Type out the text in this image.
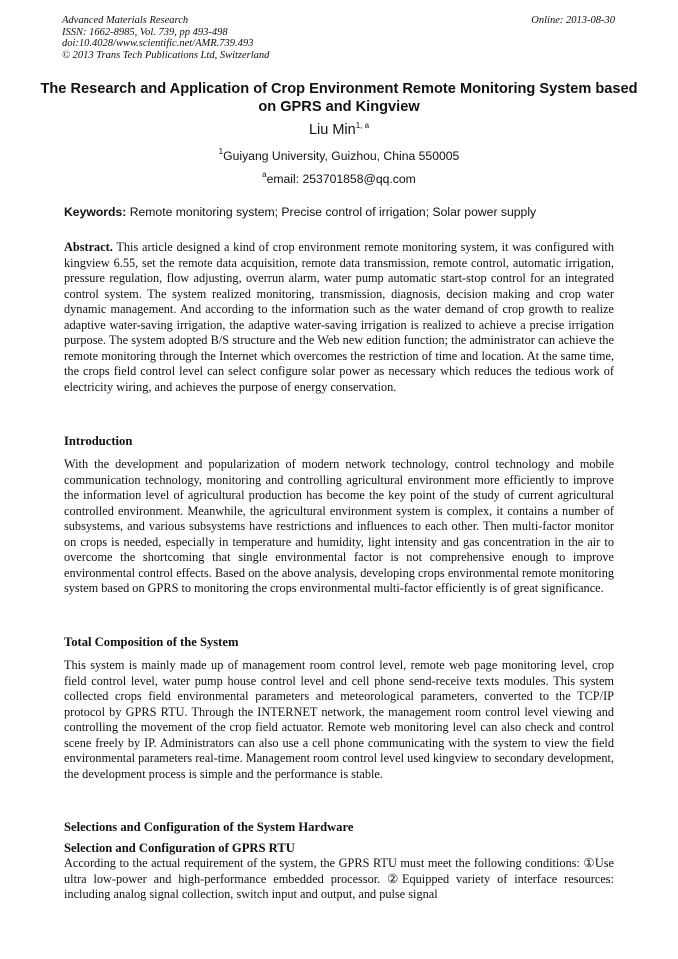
Advanced Materials Research
ISSN: 1662-8985, Vol. 739, pp 493-498
doi:10.4028/www.scientific.net/AMR.739.493
© 2013 Trans Tech Publications Ltd, Switzerland
Online: 2013-08-30
The Research and Application of Crop Environment Remote Monitoring System based on GPRS and Kingview
Liu Min$^{1, a}$
$^1$Guiyang University, Guizhou, China 550005
$^a$email: 253701858@qq.com
Keywords: Remote monitoring system; Precise control of irrigation; Solar power supply

Abstract. This article designed a kind of crop environment remote monitoring system, it was configured with kingview 6.55, set the remote data acquisition, remote data transmission, remote control, automatic irrigation, pressure regulation, flow adjusting, overrun alarm, water pump automatic start-stop control for an integrated control system. The system realized monitoring, transmission, diagnosis, decision making and crop water dynamic management. And according to the information such as the water demand of crop growth to realize adaptive water-saving irrigation, the adaptive water-saving irrigation is realized to achieve a precise irrigation purpose. The system adopted B/S structure and the Web new edition function; the administrator can achieve the remote monitoring through the Internet which overcomes the restriction of time and location. At the same time, the crops field control level can select configure solar power as necessary which reduces the tedious work of electricity wiring, and achieves the purpose of energy conservation.

Introduction

With the development and popularization of modern network technology, control technology and mobile communication technology, monitoring and controlling agricultural environment more efficiently to improve the information level of agricultural production has become the key point of the study of current agricultural controlled environment. Meanwhile, the agricultural environment system is complex, it contains a number of subsystems, and various subsystems have restrictions and influences to each other. Then multi-factor monitor on crops is needed, especially in temperature and humidity, light intensity and gas concentration in the air to overcome the shortcoming that single environmental factor is not comprehensive enough to improve environmental control effects. Based on the above analysis, developing crops environmental remote monitoring system based on GPRS to monitoring the crops environmental multi-factor efficiently is of great significance.

Total Composition of the System

This system is mainly made up of management room control level, remote web page monitoring level, crop field control level, water pump house control level and cell phone send-receive texts modules. This system collected crops field environmental parameters and meteorological parameters, converted to the TCP/IP protocol by GPRS RTU. Through the INTERNET network, the management room control level viewing and controlling the movement of the crop field actuator. Remote web monitoring level can also check and control scene freely by IP. Administrators can also use a cell phone communicating with the system to view the field environmental parameters real-time. Management room control level used kingview to secondary development, the development process is simple and the performance is stable.

Selections and Configuration of the System Hardware
Selection and Configuration of GPRS RTU

According to the actual requirement of the system, the GPRS RTU must meet the following conditions: ①Use ultra low-power and high-performance embedded processor. ②Equipped variety of interface resources: including analog signal collection, switch input and output, and pulse signal
